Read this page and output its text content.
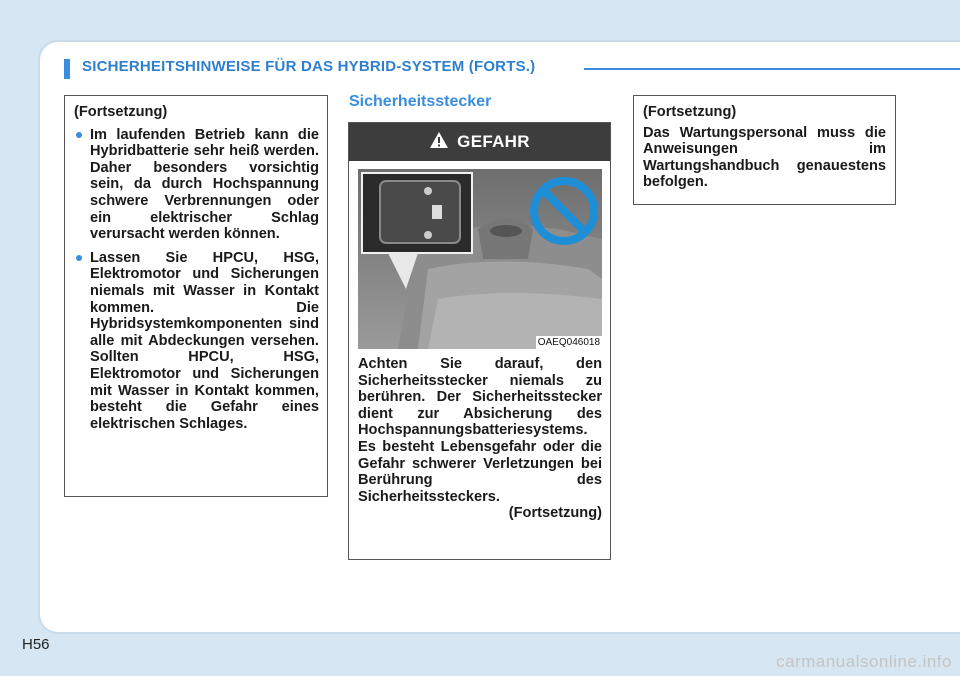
SICHERHEITSHINWEISE FÜR DAS HYBRID-SYSTEM (FORTS.)

(Fortsetzung)

Im laufenden Betrieb kann die Hybridbatterie sehr heiß werden. Daher besonders vorsichtig sein, da durch Hochspannung schwere Verbrennungen oder ein elektrischer Schlag verursacht werden können.
Lassen Sie HPCU, HSG, Elektromotor und Sicherungen niemals mit Wasser in Kontakt kommen. Die Hybridsystemkomponenten sind alle mit Abdeckungen versehen. Sollten HPCU, HSG, Elektromotor und Sicherungen mit Wasser in Kontakt kommen, besteht die Gefahr eines elektrischen Schlages.
Sicherheitsstecker
GEFAHR
OAEQ046018

Achten Sie darauf, den Sicherheitsstecker niemals zu berühren. Der Sicherheitsstecker dient zur Absicherung des Hochspannungsbatteriesystems. Es besteht Lebensgefahr oder die Gefahr schwerer Verletzungen bei Berührung des Sicherheitssteckers.

(Fortsetzung)

(Fortsetzung)

Das Wartungspersonal muss die Anweisungen im Wartungshandbuch genauestens befolgen.

H56
carmanualsonline.info
